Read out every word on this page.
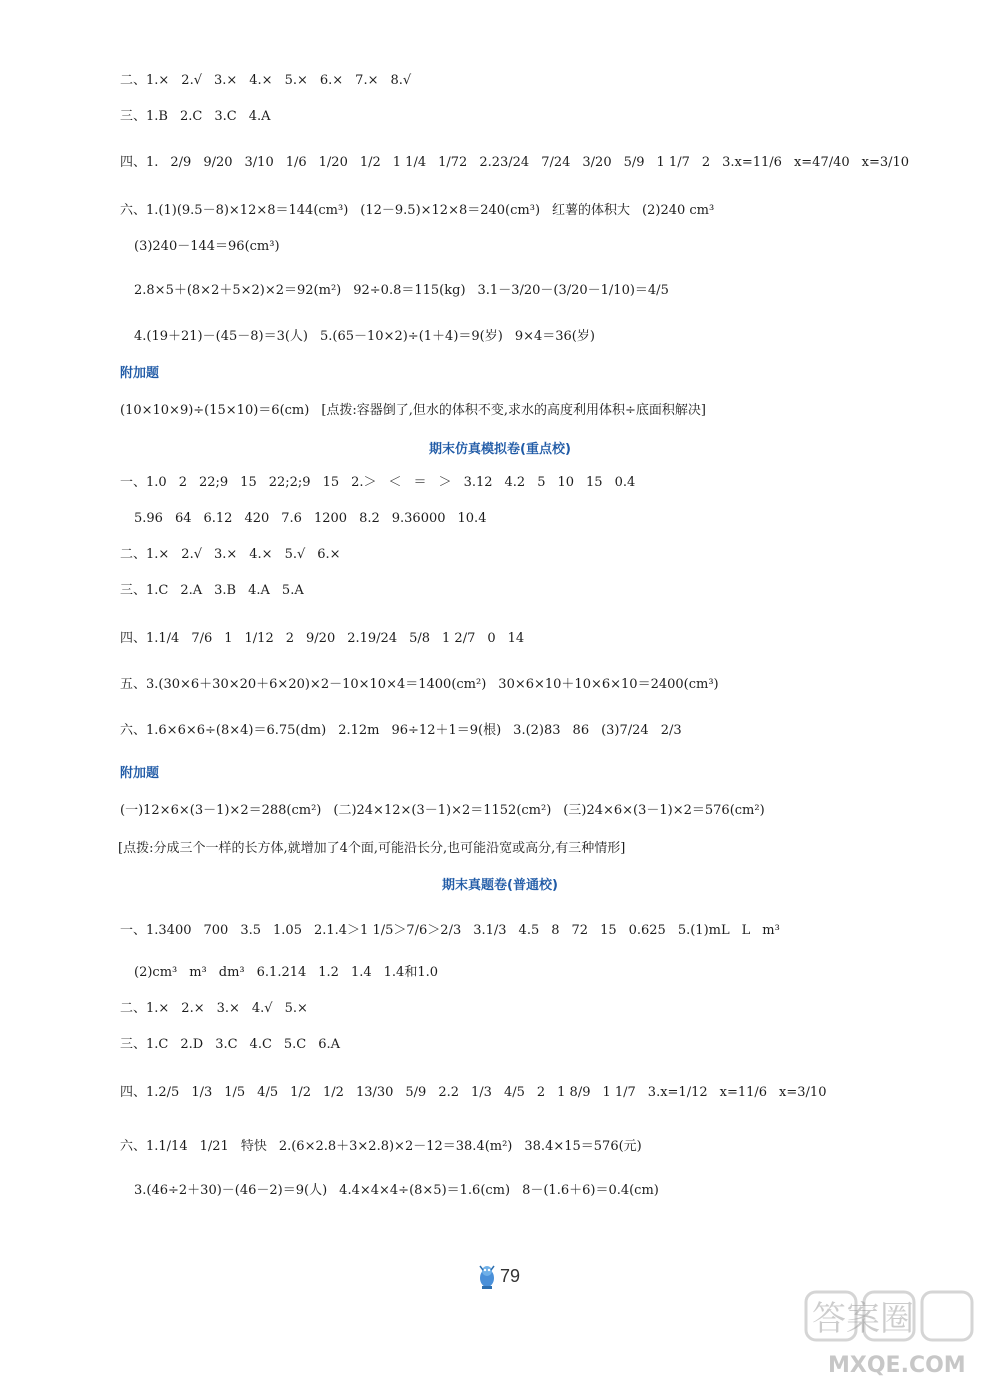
二、1.× 2.√ 3.× 4.× 5.× 6.× 7.× 8.√
三、1.B 2.C 3.C 4.A
四、1. 2/9 9/20 3/10 1/6 1/20 1/2 1 1/4 1/72 2.23/24 7/24 3/20 5/9 1 1/7 2 3.x=11/6 x=47/40 x=3/10
六、1.(1)(9.5－8)×12×8＝144(cm³) (12－9.5)×12×8＝240(cm³) 红薯的体积大 (2)240 cm³
(3)240－144＝96(cm³)
2.8×5＋(8×2＋5×2)×2＝92(m²) 92÷0.8＝115(kg) 3.1－3/20－(3/20－1/10)＝4/5
4.(19＋21)－(45－8)＝3(人) 5.(65－10×2)÷(1＋4)＝9(岁) 9×4＝36(岁)
附加题
(10×10×9)÷(15×10)＝6(cm) [点拨:容器倒了,但水的体积不变,求水的高度利用体积÷底面积解决]
期末仿真模拟卷(重点校)
一、1.0 2 22;9 15 22;2;9 15 2.＞ ＜ ＝ ＞ 3.12 4.2 5 10 15 0.4
5.96 64 6.12 420 7.6 1200 8.2 9.36000 10.4
二、1.× 2.√ 3.× 4.× 5.√ 6.×
三、1.C 2.A 3.B 4.A 5.A
四、1.1/4 7/6 1 1/12 2 9/20 2.19/24 5/8 1 2/7 0 14
五、3.(30×6＋30×20＋6×20)×2－10×10×4＝1400(cm²) 30×6×10＋10×6×10＝2400(cm³)
六、1.6×6×6÷(8×4)＝6.75(dm) 2.12m 96÷12＋1＝9(根) 3.(2)83 86 (3)7/24 2/3
附加题
(一)12×6×(3－1)×2＝288(cm²) (二)24×12×(3－1)×2＝1152(cm²) (三)24×6×(3－1)×2＝576(cm²)
[点拨:分成三个一样的长方体,就增加了4个面,可能沿长分,也可能沿宽或高分,有三种情形]
期末真题卷(普通校)
一、1.3400 700 3.5 1.05 2.1.4＞1 1/5＞7/6＞2/3 3.1/3 4.5 8 72 15 0.625 5.(1)mL L m³
(2)cm³ m³ dm³ 6.1.214 1.2 1.4 1.4和1.0
二、1.× 2.× 3.× 4.√ 5.×
三、1.C 2.D 3.C 4.C 5.C 6.A
四、1.2/5 1/3 1/5 4/5 1/2 1/2 13/30 5/9 2.2 1/3 4/5 2 1 8/9 1 1/7 3.x=1/12 x=11/6 x=3/10
六、1.1/14 1/21 特快 2.(6×2.8＋3×2.8)×2－12＝38.4(m²) 38.4×15＝576(元)
3.(46÷2＋30)－(46－2)＝9(人) 4.4×4×4÷(8×5)＝1.6(cm) 8－(1.6＋6)＝0.4(cm)
79
答案圈
MXQE.COM
